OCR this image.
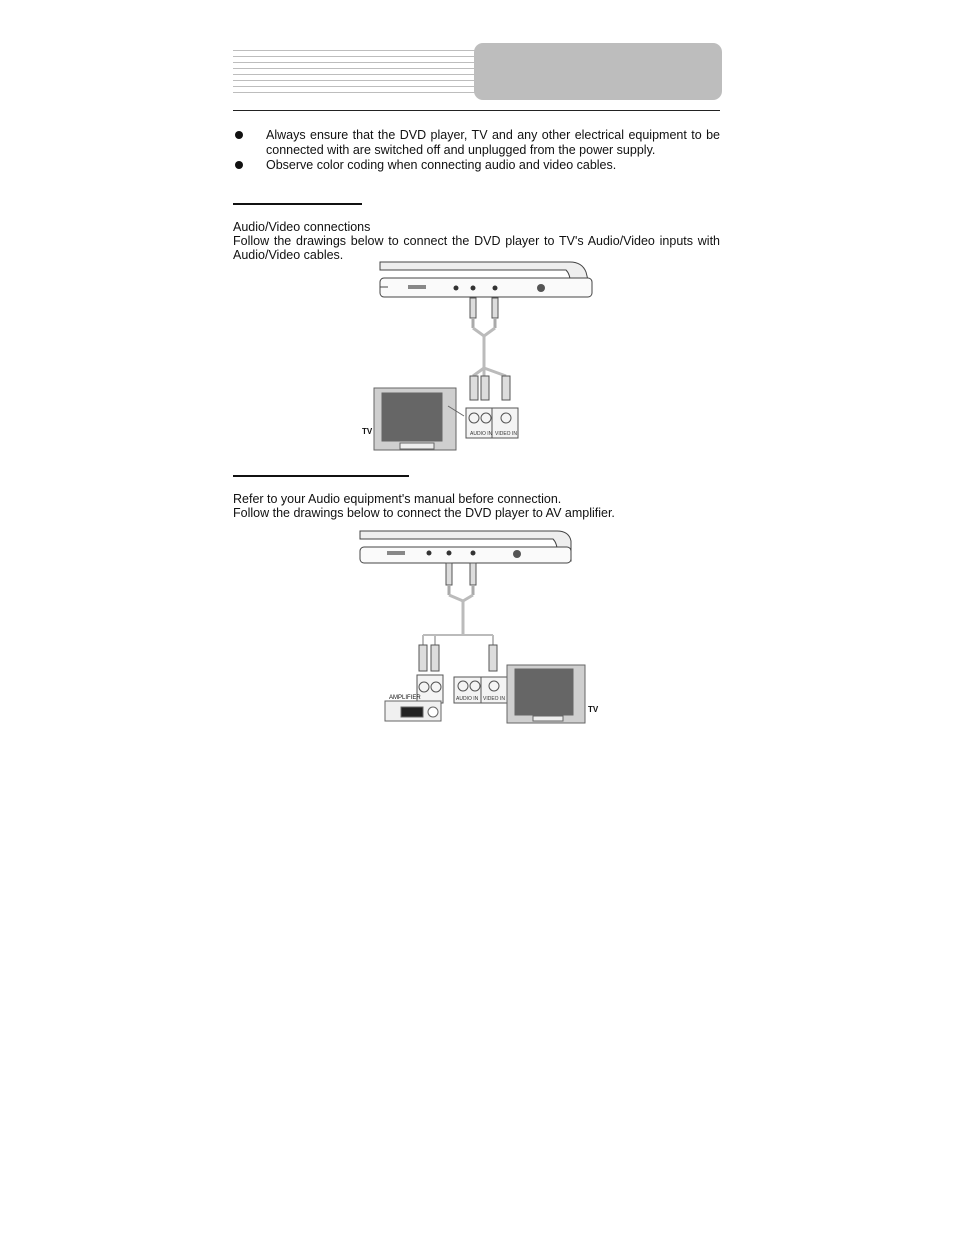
Always ensure that the DVD player, TV and any other electrical equipment to be connected with are switched off and unplugged from the power supply.
Observe color coding when connecting audio and video cables.
Audio/Video connections
Follow the drawings below to connect the DVD player to TV's Audio/Video inputs with Audio/Video cables.
AUDIO IN VIDEO IN
TV
Refer to your Audio equipment's manual before connection.
Follow the drawings below to connect the DVD player to AV amplifier.
AUDIO IN VIDEO IN
AMPLIFIER
TV
